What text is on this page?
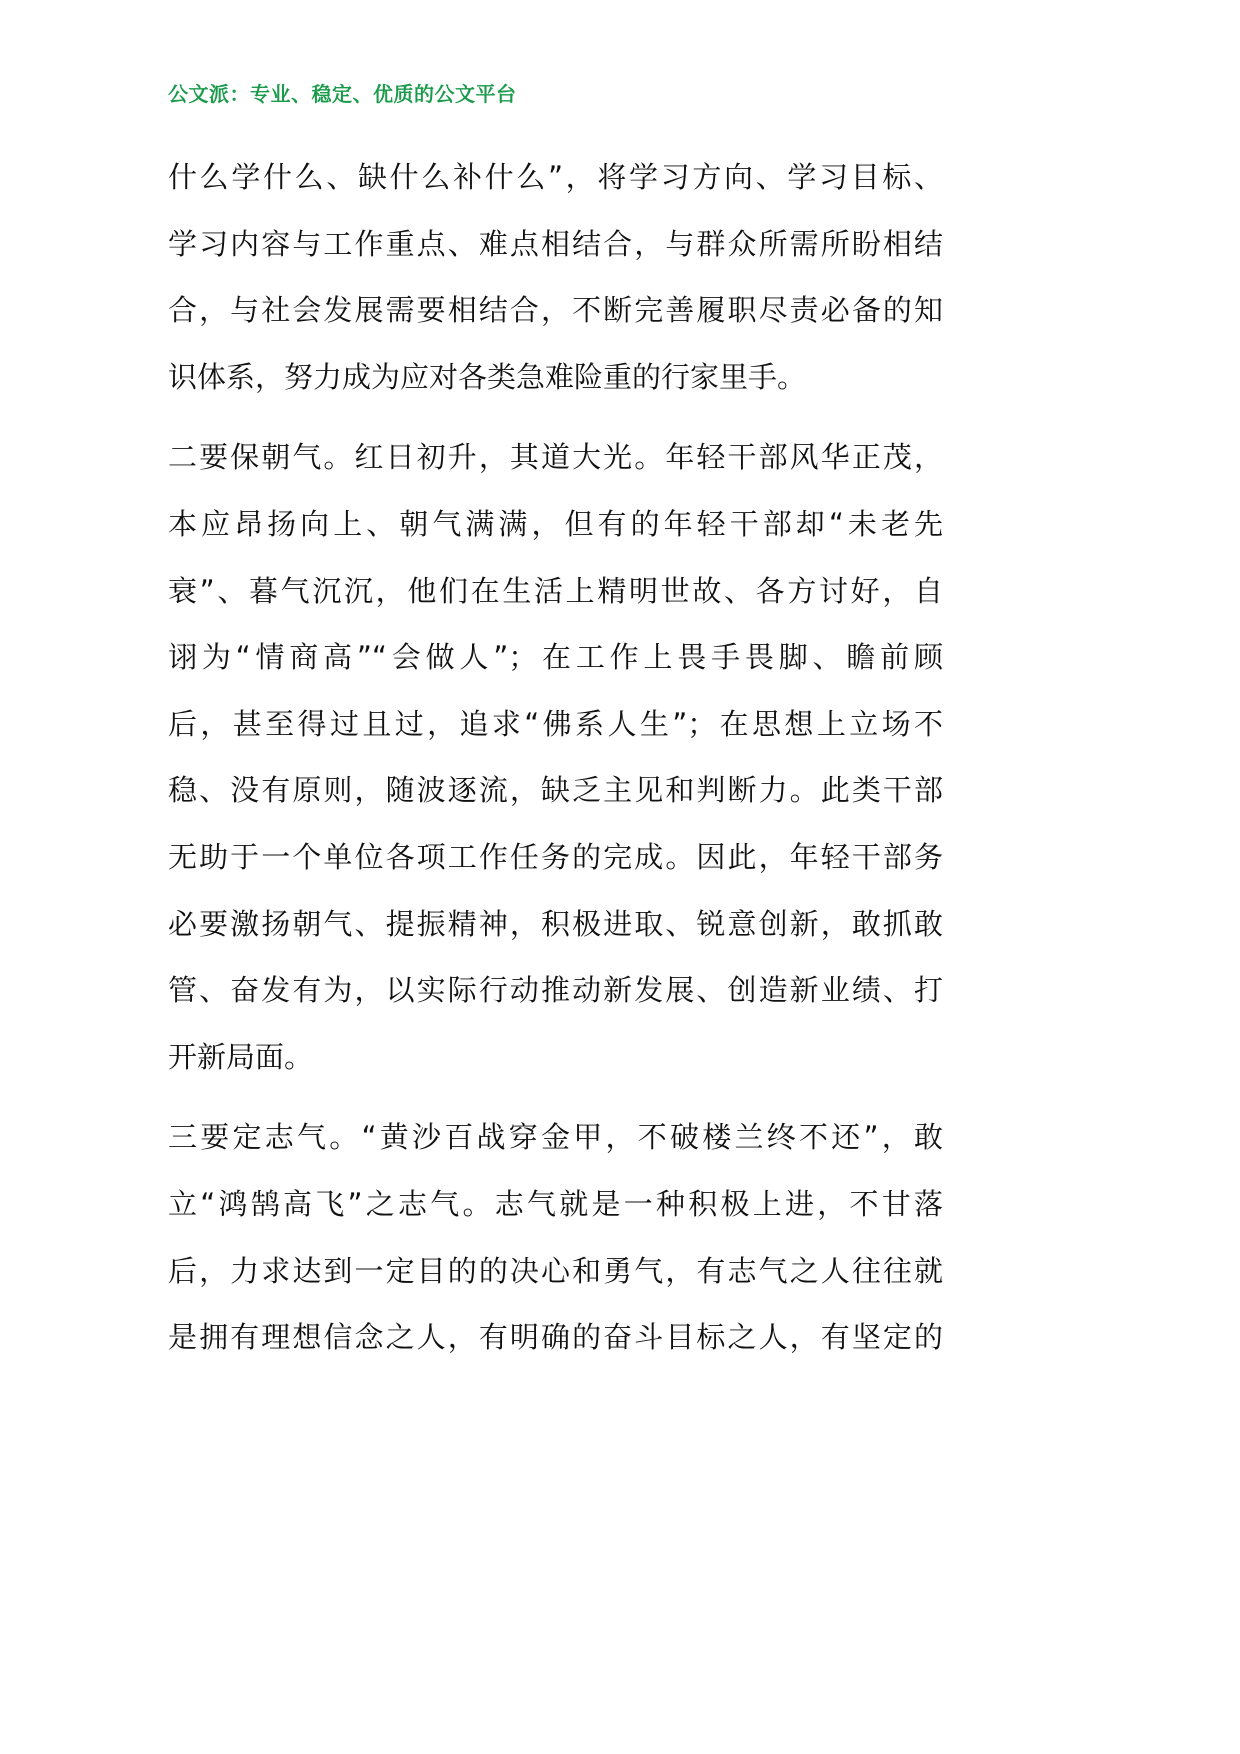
公文派：专业、稳定、优质的公文平台
什么学什么、缺什么补什么”，将学习方向、学习目标、
学习内容与工作重点、难点相结合，与群众所需所盼相结
合，与社会发展需要相结合，不断完善履职尽责必备的知
识体系，努力成为应对各类急难险重的行家里手。
二要保朝气。红日初升，其道大光。年轻干部风华正茂，
本应昂扬向上、朝气满满，但有的年轻干部却“未老先
衰”、暮气沉沉，他们在生活上精明世故、各方讨好，自
诩为“情商高”“会做人”；在工作上畏手畏脚、瞻前顾
后，甚至得过且过，追求“佛系人生”；在思想上立场不
稳、没有原则，随波逐流，缺乏主见和判断力。此类干部
无助于一个单位各项工作任务的完成。因此，年轻干部务
必要激扬朝气、提振精神，积极进取、锐意创新，敢抓敢
管、奋发有为，以实际行动推动新发展、创造新业绩、打
开新局面。
三要定志气。“黄沙百战穿金甲，不破楼兰终不还”，敢
立“鸿鹄高飞”之志气。志气就是一种积极上进，不甘落
后，力求达到一定目的的决心和勇气，有志气之人往往就
是拥有理想信念之人，有明确的奋斗目标之人，有坚定的
